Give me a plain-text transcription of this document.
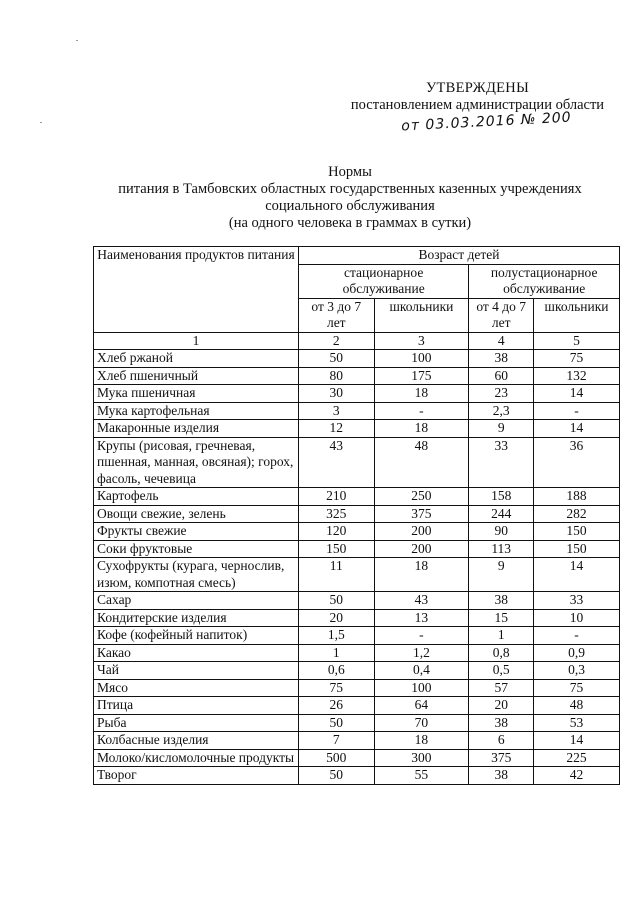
УТВЕРЖДЕНЫ
постановлением администрации области
от 03.03.2016 № 200
Нормы
питания в Тамбовских областных государственных казенных учреждениях
социального обслуживания
(на одного человека в граммах в сутки)
Наименования продуктов питания	Возраст детей			
	стационарное обслуживание		полустационарное обслуживание	
	от 3 до 7 лет	школьники	от 4 до 7 лет	школьники
1	2	3	4	5
Хлеб ржаной	50	100	38	75
Хлеб пшеничный	80	175	60	132
Мука пшеничная	30	18	23	14
Мука картофельная	3	-	2,3	-
Макаронные изделия	12	18	9	14
Крупы (рисовая, гречневая, пшенная, манная, овсяная); горох, фасоль, чечевица	43	48	33	36
Картофель	210	250	158	188
Овощи свежие, зелень	325	375	244	282
Фрукты свежие	120	200	90	150
Соки фруктовые	150	200	113	150
Сухофрукты (курага, чернослив, изюм, компотная смесь)	11	18	9	14
Сахар	50	43	38	33
Кондитерские изделия	20	13	15	10
Кофе (кофейный напиток)	1,5	-	1	-
Какао	1	1,2	0,8	0,9
Чай	0,6	0,4	0,5	0,3
Мясо	75	100	57	75
Птица	26	64	20	48
Рыба	50	70	38	53
Колбасные изделия	7	18	6	14
Молоко/кисломолочные продукты	500	300	375	225
Творог	50	55	38	42
